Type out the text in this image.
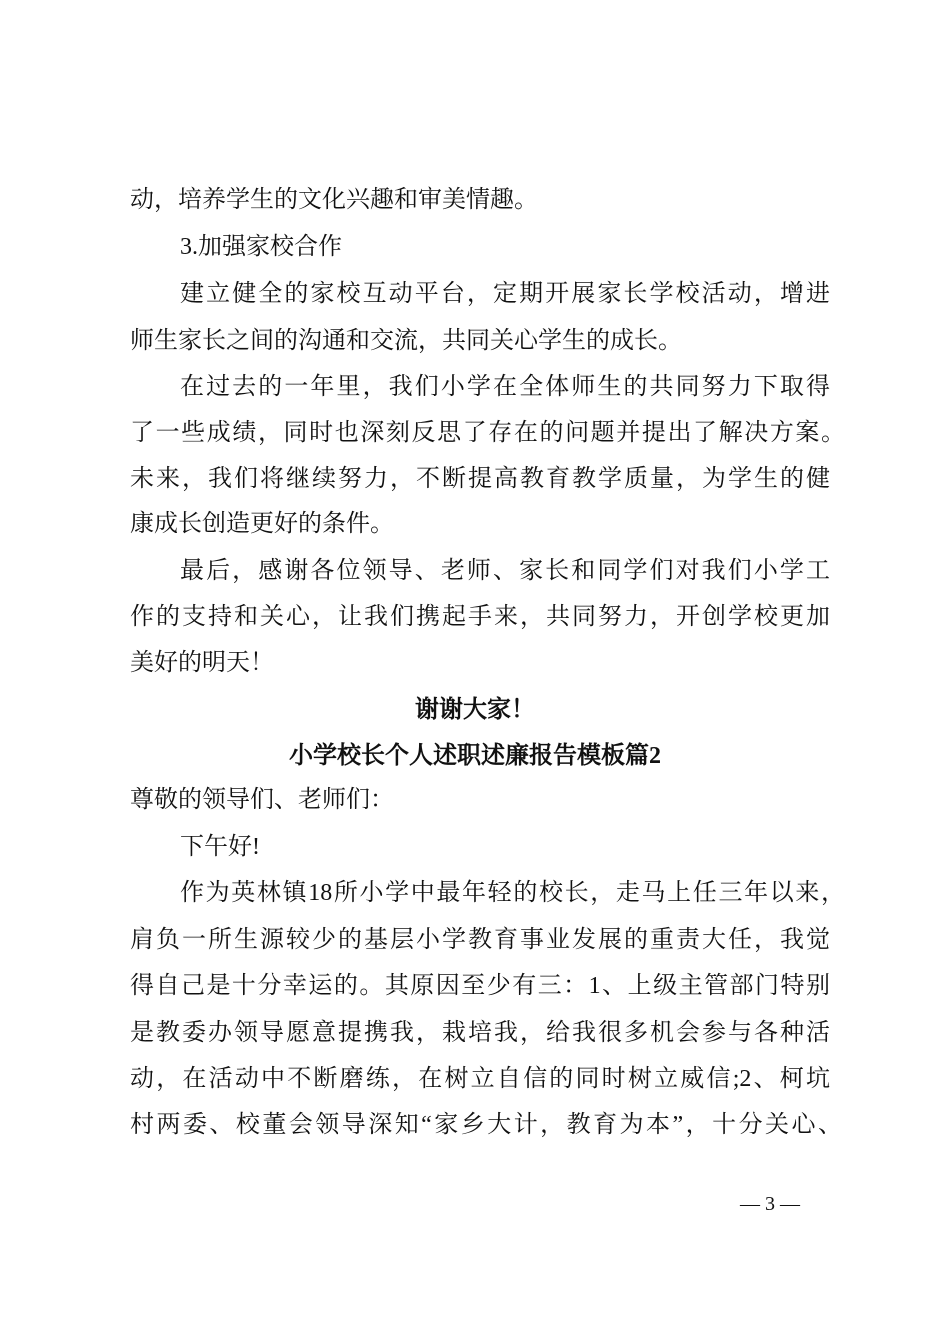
动，培养学生的文化兴趣和审美情趣。
3.加强家校合作
建立健全的家校互动平台，定期开展家长学校活动，增进
师生家长之间的沟通和交流，共同关心学生的成长。
在过去的一年里，我们小学在全体师生的共同努力下取得
了一些成绩，同时也深刻反思了存在的问题并提出了解决方案。
未来，我们将继续努力，不断提高教育教学质量，为学生的健
康成长创造更好的条件。
最后，感谢各位领导、老师、家长和同学们对我们小学工
作的支持和关心，让我们携起手来，共同努力，开创学校更加
美好的明天！
谢谢大家！
小学校长个人述职述廉报告模板篇2
尊敬的领导们、老师们：
下午好!
作为英林镇18所小学中最年轻的校长，走马上任三年以来，
肩负一所生源较少的基层小学教育事业发展的重责大任，我觉
得自己是十分幸运的。其原因至少有三：1、上级主管部门特别
是教委办领导愿意提携我，栽培我，给我很多机会参与各种活
动，在活动中不断磨练，在树立自信的同时树立威信;2、柯坑
村两委、校董会领导深知“家乡大计，教育为本”，十分关心、
— 3 —
